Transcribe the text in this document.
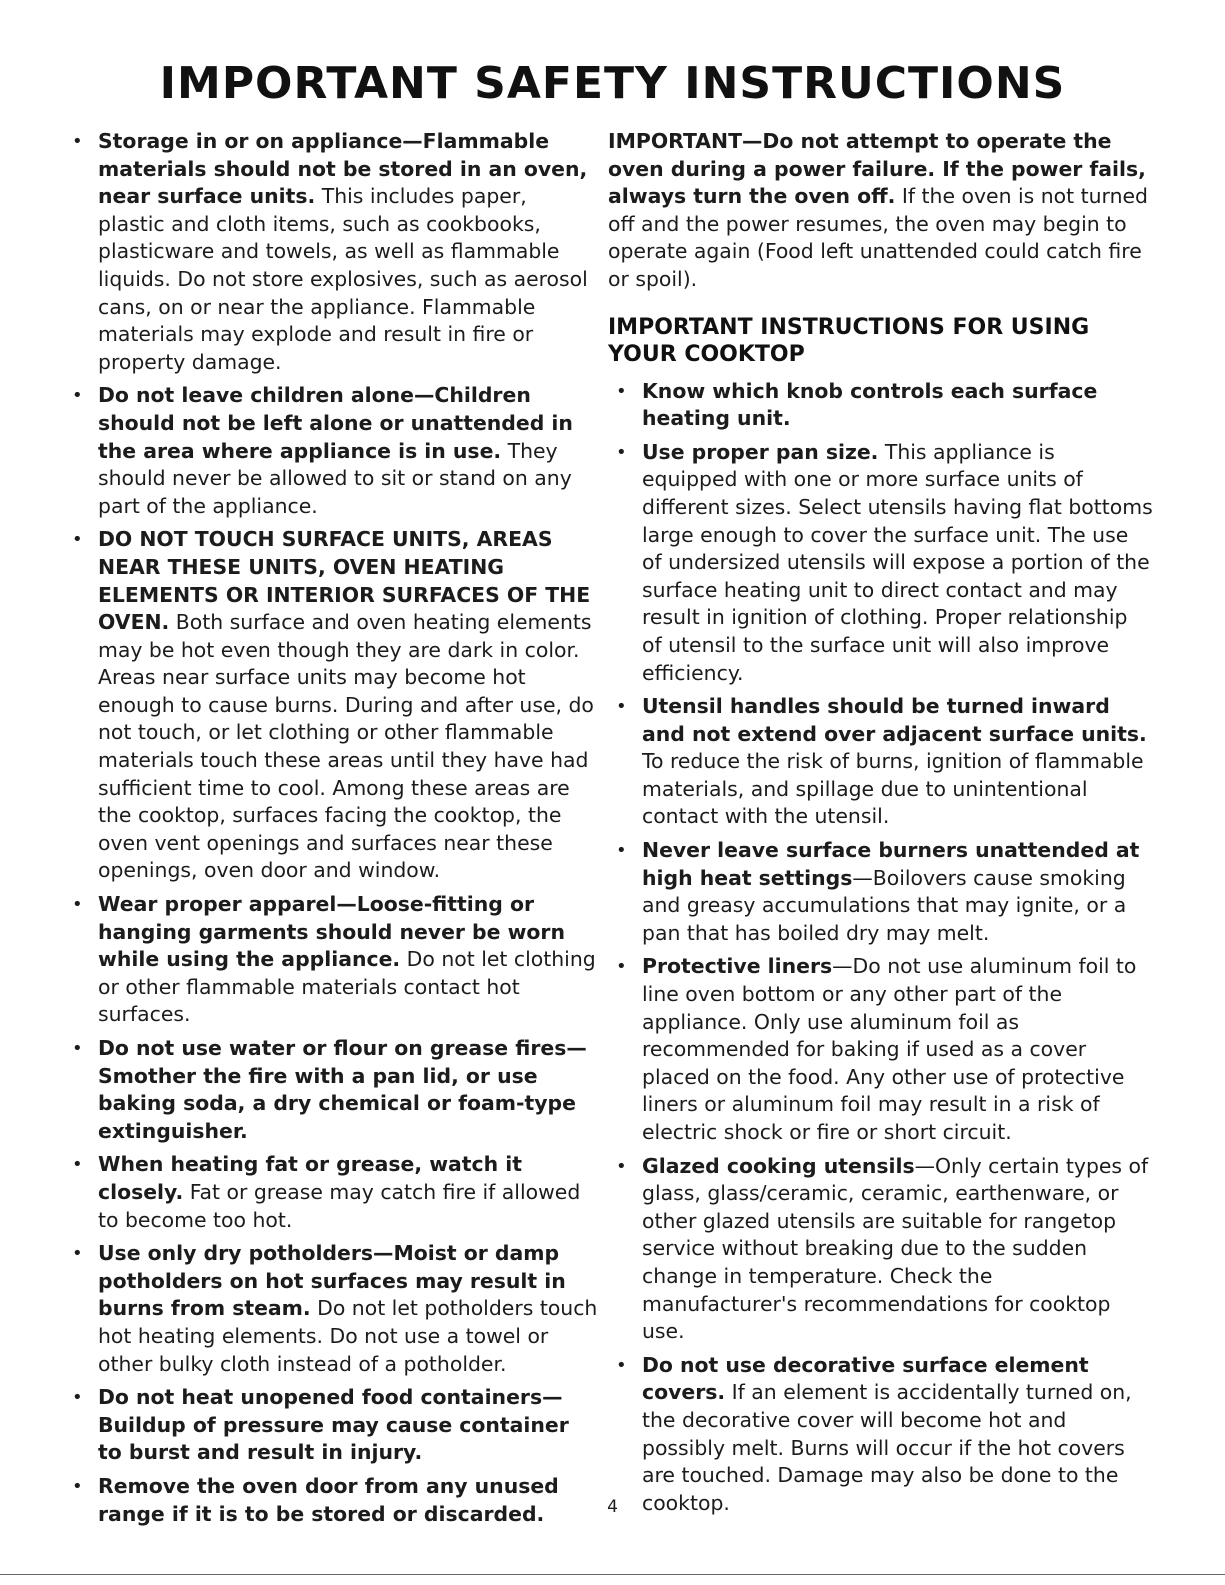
IMPORTANT SAFETY INSTRUCTIONS
• Storage in or on appliance—Flammable materials should not be stored in an oven, near surface units. This includes paper, plastic and cloth items, such as cookbooks, plasticware and towels, as well as flammable liquids. Do not store explosives, such as aerosol cans, on or near the appliance. Flammable materials may explode and result in fire or property damage.
• Do not leave children alone—Children should not be left alone or unattended in the area where appliance is in use. They should never be allowed to sit or stand on any part of the appliance.
• DO NOT TOUCH SURFACE UNITS, AREAS NEAR THESE UNITS, OVEN HEATING ELEMENTS OR INTERIOR SURFACES OF THE OVEN. Both surface and oven heating elements may be hot even though they are dark in color. Areas near surface units may become hot enough to cause burns. During and after use, do not touch, or let clothing or other flammable materials touch these areas until they have had sufficient time to cool. Among these areas are the cooktop, surfaces facing the cooktop, the oven vent openings and surfaces near these openings, oven door and window.
• Wear proper apparel—Loose-fitting or hanging garments should never be worn while using the appliance. Do not let clothing or other flammable materials contact hot surfaces.
• Do not use water or flour on grease fires—Smother the fire with a pan lid, or use baking soda, a dry chemical or foam-type extinguisher.
• When heating fat or grease, watch it closely. Fat or grease may catch fire if allowed to become too hot.
• Use only dry potholders—Moist or damp potholders on hot surfaces may result in burns from steam. Do not let potholders touch hot heating elements. Do not use a towel or other bulky cloth instead of a potholder.
• Do not heat unopened food containers—Buildup of pressure may cause container to burst and result in injury.
• Remove the oven door from any unused range if it is to be stored or discarded.

IMPORTANT—Do not attempt to operate the oven during a power failure. If the power fails, always turn the oven off. If the oven is not turned off and the power resumes, the oven may begin to operate again (Food left unattended could catch fire or spoil).

IMPORTANT INSTRUCTIONS FOR USING YOUR COOKTOP
• Know which knob controls each surface heating unit.
• Use proper pan size. This appliance is equipped with one or more surface units of different sizes. Select utensils having flat bottoms large enough to cover the surface unit. The use of undersized utensils will expose a portion of the surface heating unit to direct contact and may result in ignition of clothing. Proper relationship of utensil to the surface unit will also improve efficiency.
• Utensil handles should be turned inward and not extend over adjacent surface units. To reduce the risk of burns, ignition of flammable materials, and spillage due to unintentional contact with the utensil.
• Never leave surface burners unattended at high heat settings—Boilovers cause smoking and greasy accumulations that may ignite, or a pan that has boiled dry may melt.
• Protective liners—Do not use aluminum foil to line oven bottom or any other part of the appliance. Only use aluminum foil as recommended for baking if used as a cover placed on the food. Any other use of protective liners or aluminum foil may result in a risk of electric shock or fire or short circuit.
• Glazed cooking utensils—Only certain types of glass, glass/ceramic, ceramic, earthenware, or other glazed utensils are suitable for rangetop service without breaking due to the sudden change in temperature. Check the manufacturer's recommendations for cooktop use.
• Do not use decorative surface element covers. If an element is accidentally turned on, the decorative cover will become hot and possibly melt. Burns will occur if the hot covers are touched. Damage may also be done to the cooktop.
4
